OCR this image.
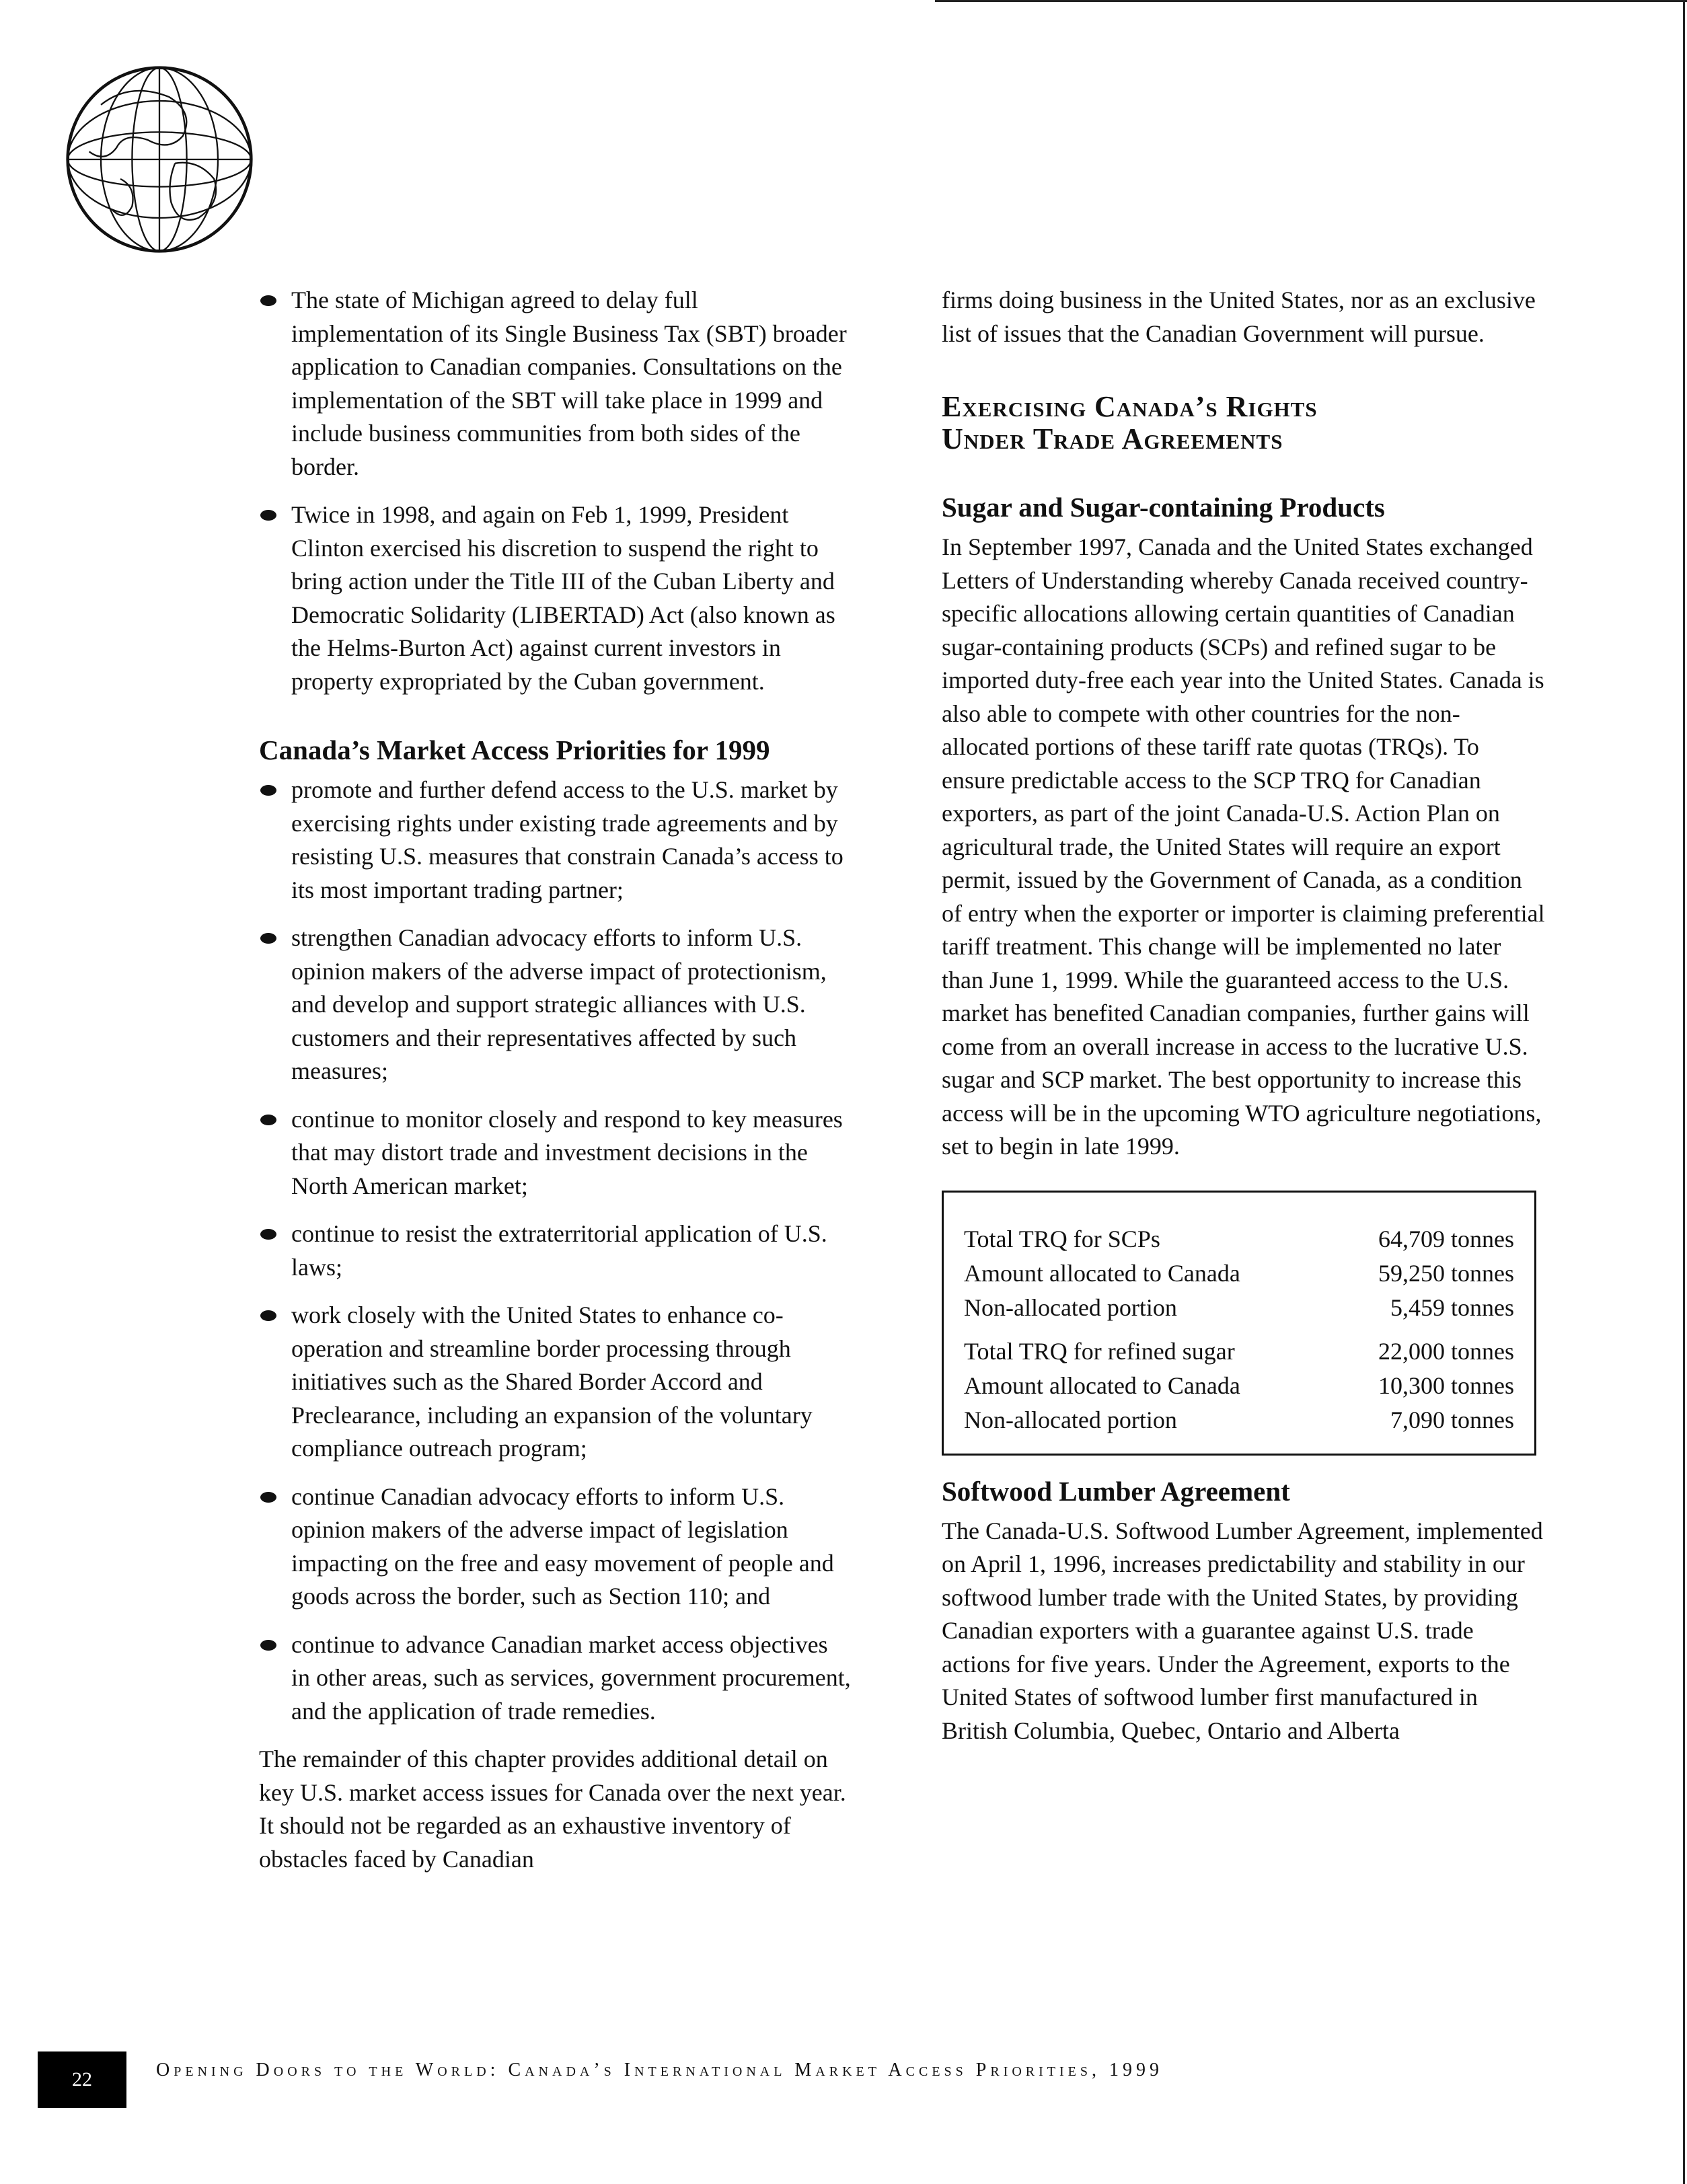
The state of Michigan agreed to delay full implementation of its Single Business Tax (SBT) broader application to Canadian companies. Consultations on the implementation of the SBT will take place in 1999 and include business communities from both sides of the border.
Twice in 1998, and again on Feb 1, 1999, President Clinton exercised his discretion to suspend the right to bring action under the Title III of the Cuban Liberty and Democratic Solidarity (LIBERTAD) Act (also known as the Helms-Burton Act) against current investors in property expropriated by the Cuban government.
Canada’s Market Access Priorities for 1999
promote and further defend access to the U.S. market by exercising rights under existing trade agreements and by resisting U.S. measures that constrain Canada’s access to its most important trading partner;
strengthen Canadian advocacy efforts to inform U.S. opinion makers of the adverse impact of protectionism, and develop and support strategic alliances with U.S. customers and their representatives affected by such measures;
continue to monitor closely and respond to key measures that may distort trade and investment decisions in the North American market;
continue to resist the extraterritorial application of U.S. laws;
work closely with the United States to enhance co-operation and streamline border processing through initiatives such as the Shared Border Accord and Preclearance, including an expansion of the voluntary compliance outreach program;
continue Canadian advocacy efforts to inform U.S. opinion makers of the adverse impact of legislation impacting on the free and easy movement of people and goods across the border, such as Section 110; and
continue to advance Canadian market access objectives in other areas, such as services, government procurement, and the application of trade remedies.

The remainder of this chapter provides additional detail on key U.S. market access issues for Canada over the next year. It should not be regarded as an exhaustive inventory of obstacles faced by Canadian

firms doing business in the United States, nor as an exclusive list of issues that the Canadian Government will pursue.

Exercising Canada’s Rights
Under Trade Agreements
Sugar and Sugar-containing Products

In September 1997, Canada and the United States exchanged Letters of Understanding whereby Canada received country-specific allocations allowing certain quantities of Canadian sugar-containing products (SCPs) and refined sugar to be imported duty-free each year into the United States. Canada is also able to compete with other countries for the non-allocated portions of these tariff rate quotas (TRQs). To ensure predictable access to the SCP TRQ for Canadian exporters, as part of the joint Canada-U.S. Action Plan on agricultural trade, the United States will require an export permit, issued by the Government of Canada, as a condition of entry when the exporter or importer is claiming preferential tariff treatment. This change will be implemented no later than June 1, 1999. While the guaranteed access to the U.S. market has benefited Canadian companies, further gains will come from an overall increase in access to the lucrative U.S. sugar and SCP market. The best opportunity to increase this access will be in the upcoming WTO agriculture negotiations, set to begin in late 1999.

Total TRQ for SCPs	64,709 tonnes
Amount allocated to Canada	59,250 tonnes
Non-allocated portion	5,459 tonnes
Total TRQ for refined sugar	22,000 tonnes
Amount allocated to Canada	10,300 tonnes
Non-allocated portion	7,090 tonnes
Softwood Lumber Agreement

The Canada-U.S. Softwood Lumber Agreement, implemented on April 1, 1996, increases predictability and stability in our softwood lumber trade with the United States, by providing Canadian exporters with a guarantee against U.S. trade actions for five years. Under the Agreement, exports to the United States of softwood lumber first manufactured in British Columbia, Quebec, Ontario and Alberta

22	Opening Doors to the World: Canada’s International Market Access Priorities, 1999
